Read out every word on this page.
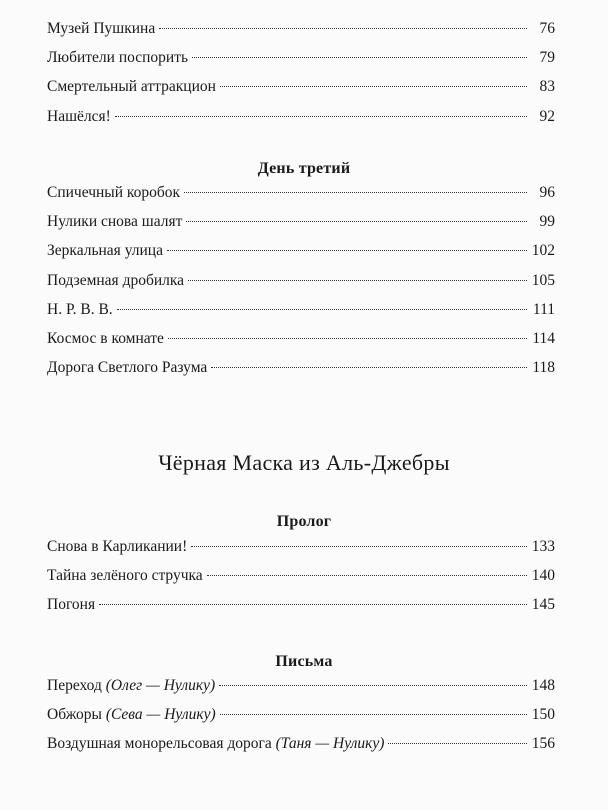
Музей Пушкина	76
Любители поспорить	79
Смертельный аттракцион	83
Нашёлся!	92
День третий
Спичечный коробок	96
Нулики снова шалят	99
Зеркальная улица	102
Подземная дробилка	105
Н. Р. В. В.	111
Космос в комнате	114
Дорога Светлого Разума	118
Чёрная Маска из Аль-Джебры
Пролог
Снова в Карликании!	133
Тайна зелёного стручка	140
Погоня	145
Письма
Переход (Олег — Нулику)	148
Обжоры (Сева — Нулику)	150
Воздушная монорельсовая дорога (Таня — Нулику)	156
